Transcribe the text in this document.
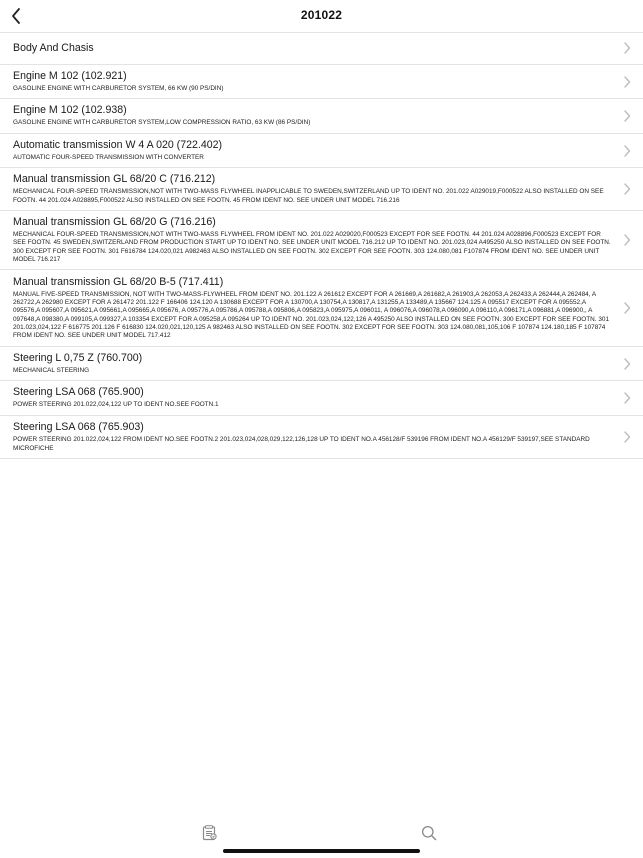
201022
Body And Chasis
Engine M 102 (102.921)
GASOLINE ENGINE WITH CARBURETOR SYSTEM, 66 KW (90 PS/DIN)
Engine M 102 (102.938)
GASOLINE ENGINE WITH CARBURETOR SYSTEM,LOW COMPRESSION RATIO, 63 KW (86 PS/DIN)
Automatic transmission W 4 A 020 (722.402)
AUTOMATIC FOUR-SPEED TRANSMISSION WITH CONVERTER
Manual transmission GL 68/20 C (716.212)
MECHANICAL FOUR-SPEED TRANSMISSION,NOT WITH TWO-MASS FLYWHEEL INAPPLICABLE TO SWEDEN,SWITZERLAND UP TO IDENT NO. 201.022 A029019,F000522 ALSO INSTALLED ON SEE FOOTN. 44 201.024 A028895,F000522 ALSO INSTALLED ON SEE FOOTN. 45 FROM IDENT NO. SEE UNDER UNIT MODEL 716.216
Manual transmission GL 68/20 G (716.216)
MECHANICAL FOUR-SPEED TRANSMISSION,NOT WITH TWO-MASS FLYWHEEL FROM IDENT NO. 201.022 A029020,F000523 EXCEPT FOR SEE FOOTN. 44 201.024 A028896,F000523 EXCEPT FOR SEE FOOTN. 45 SWEDEN,SWITZERLAND FROM PRODUCTION START UP TO IDENT NO. SEE UNDER UNIT MODEL 716.212 UP TO IDENT NO. 201.023,024 A495250 ALSO INSTALLED ON SEE FOOTN. 300 EXCEPT FOR SEE FOOTN. 301 F616784 124.020,021 A982463 ALSO INSTALLED ON SEE FOOTN. 302 EXCEPT FOR SEE FOOTN. 303 124.080,081 F107874 FROM IDENT NO. SEE UNDER UNIT MODEL 716.217
Manual transmission GL 68/20 B-5 (717.411)
MANUAL FIVE-SPEED TRANSMISSION, NOT WITH TWO-MASS-FLYWHEEL FROM IDENT NO. 201.122 A 261612 EXCEPT FOR A 261669,A 261682,A 261903,A 262053,A 262433,A 262444,A 262484, A 262722,A 262980 EXCEPT FOR A 261472 201.122 F 166406 124.120 A 130688 EXCEPT FOR A 130700,A 130754,A 130817,A 131255,A 133489,A 135667 124.125 A 095517 EXCEPT FOR A 095552,A 095576,A 095607,A 095621,A 095661,A 095665,A 095676, A 095776,A 095786,A 095788,A 095806,A 095823,A 095975,A 096011, A 096076,A 096078,A 096090,A 096110,A 096171,A 096881,A 096900,, A 097648,A 098380,A 099105,A 099327,A 103354 EXCEPT FOR A 095258,A 095264 UP TO IDENT NO. 201.023,024,122,126 A 495250 ALSO INSTALLED ON SEE FOOTN. 300 EXCEPT FOR SEE FOOTN. 301 201.023,024,122 F 616775 201.126 F 616830 124.020,021,120,125 A 982463 ALSO INSTALLED ON SEE FOOTN. 302 EXCEPT FOR SEE FOOTN. 303 124.080,081,105,106 F 107874 124.180,185 F 107874 FROM IDENT NO. SEE UNDER UNIT MODEL 717.412
Steering L 0,75 Z (760.700)
MECHANICAL STEERING
Steering LSA 068 (765.900)
POWER STEERING 201.022,024,122 UP TO IDENT NO.SEE FOOTN.1
Steering LSA 068 (765.903)
POWER STEERING 201.022,024,122 FROM IDENT NO.SEE FOOTN.2 201.023,024,028,029,122,126,128 UP TO IDENT NO.A 456128/F 539196 FROM IDENT NO.A 456129/F 539197,SEE STANDARD MICROFICHE
